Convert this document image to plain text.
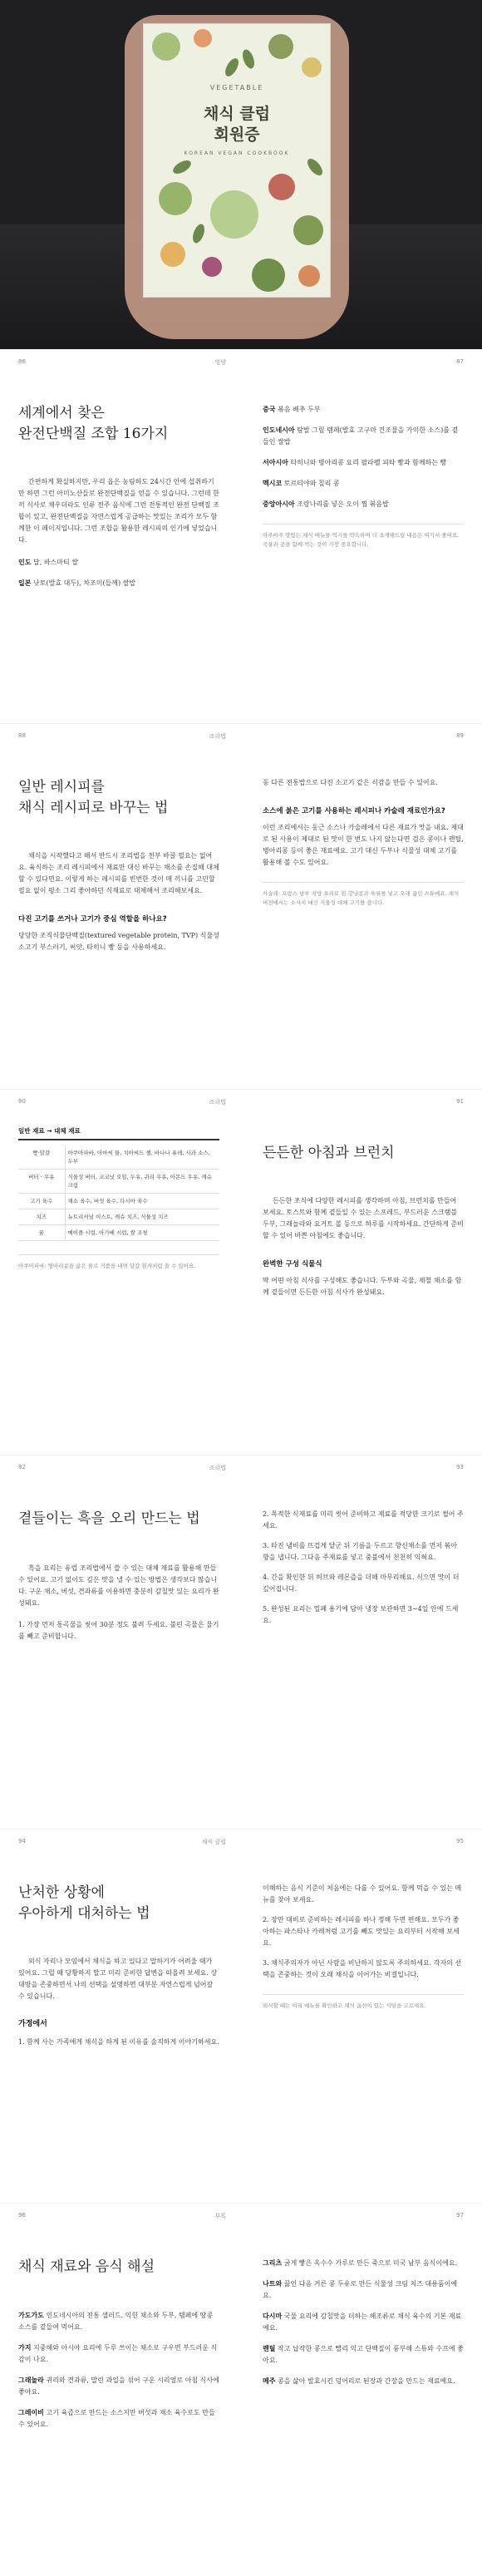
VEGETABLE
채식 클럽
회원증
KOREAN VEGAN COOKBOOK
86	영양	87
세계에서 찾은
완전단백질 조합 16가지

간편하게 확실하지만, 우리 옵은 농림하도 24시간 안에 섭취하기만 하면 그런 아미노산들로 완전단백질을 얻을 수 있습니다. 그런데 한 끼 식사로 채우더라도 인류 전주 음식에 그런 전통적인 완전 단백질 조합이 있고, 완전단백질을 자연스럽게 공급하는 맛있는 조리가 모두 함께한 이 페이지입니다. 그런 조합을 활용한 레시피의 인기에 넣었습니다.

인도 달, 바스마티 쌀

일본 낫토(발효 대두), 차조미(들깨) 쌀밥

중국 볶음 배추 두부

인도네시아 탐발 그릴 템페(발효 고구마 건조물을 가미한 소스)를 곁들인 쌀밥

서아시아 타히니와 병아리콩 요리 팔라펠 피타 빵과 함께하는 빵

멕시코 토르티야와 칠리 콩

중앙아시아 조랑나리를 넣은 오이 찜 볶음밥

아주아주 맛있는 채식 메뉴를 먹기를 약속하며 더 소개해드릴 내용은 여기서 줄여요. 곡물과 콩을 함께 먹는 것이 가장 중요합니다.

88	조리법	89
일반 레시피를
채식 레시피로 바꾸는 법

채식을 시작했다고 해서 반드시 조리법을 전부 바꿀 필요는 없어요. 육식하는 조리 레시피에서 재료만 대신 바꾸는 채소를 손질해 대체할 수 있다면요. 이렇게 하는 레시피를 빈번한 것이 매 끼니를 고민할 필요 없이 평소 그리 좋아하던 식재료로 대체해서 조리해보세요.

다진 고기를 쓰거나 고기가 중심 역할을 하나요?

당당한 조직식물단백질(textured vegetable protein, TVP) 식물성 소고기 부스러기, 씨앗, 타히니 빵 등을 사용하세요.

동 다른 전통밥으로 다진 소고기 같은 식감을 만들 수 있어요.

소스에 붉은 고기를 사용하는 레시피나 카술레 재료인가요?

이런 조리에서는 둥근 소스나 카술레에서 다른 재료가 맛을 내요. 제대로 된 사용이 제대로 된 맛이 한 번도 나지 않는다면 검은 콩이나 렌틸, 병아리콩 등이 좋은 재료예요. 고기 대신 두부나 식물성 대체 고기를 활용해 볼 수도 있어요.

카술레: 프랑스 남부 지방 요리로 흰 강낭콩과 육류를 넣고 오래 끓인 스튜예요. 채식 버전에서는 소시지 대신 식물성 대체 고기를 씁니다.

90	조리법	91
일반 재료 → 대체 재료
빵·달걀	아쿠아파바, 아마씨 물, 치아씨드 젤, 바나나 퓨레, 사과 소스, 두부
버터 · 우유	식물성 버터, 코코넛 오일, 두유, 귀리 우유, 아몬드 우유, 캐슈 크림
고기 육수	채소 육수, 버섯 육수, 다시마 육수
치즈	뉴트리셔널 이스트, 캐슈 치즈, 식물성 치즈
꿀	메이플 시럽, 아가베 시럽, 쌀 조청

아쿠아파바: 병아리콩을 삶은 물로 거품을 내면 달걀 흰자처럼 쓸 수 있어요.

든든한 아침과 브런치

든든한 조식에 다양한 레시피를 생각하며 아침, 브런치를 만들어 보세요. 토스트와 함께 곁들일 수 있는 스프레드, 부드러운 스크램블 두부, 그래놀라와 요거트 볼 등으로 하루를 시작하세요. 간단하게 준비할 수 있어 바쁜 아침에도 좋습니다.

완벽한 구성 식물식

딱 어떤 아침 식사를 구성해도 좋습니다. 두부와 곡물, 제철 채소를 함께 곁들이면 든든한 아침 식사가 완성돼요.

92	조리법	93
곁들이는 흑을 오리 만드는 법

흑을 요리는 유럽 조리법에서 쓸 수 있는 대체 재료를 활용해 만들 수 있어요. 고기 없이도 깊은 맛을 낼 수 있는 방법은 생각보다 많습니다. 구운 채소, 버섯, 견과류를 이용하면 충분히 감칠맛 있는 요리가 완성돼요.

1. 가장 먼저 통곡물을 씻어 30분 정도 불려 두세요. 불린 곡물은 물기를 빼고 준비합니다.

2. 목적한 식재료를 미리 씻어 준비하고 재료를 적당한 크기로 썰어 주세요.

3. 타진 냄비를 뜨겁게 달군 뒤 기름을 두르고 향신채소를 먼저 볶아 향을 냅니다. 그다음 주재료를 넣고 중불에서 천천히 익혀요.

4. 간을 확인한 뒤 허브와 레몬즙을 더해 마무리해요. 식으면 맛이 더 깊어집니다.

5. 완성된 요리는 밀폐 용기에 담아 냉장 보관하면 3~4일 안에 드세요.

94	채식 클럽	95
난처한 상황에
우아하게 대처하는 법

외식 자리나 모임에서 채식을 하고 있다고 말하기가 어려울 때가 있어요. 그럴 때 당황하지 말고 미리 준비한 답변을 떠올려 보세요. 상대방을 존중하면서 나의 선택을 설명하면 대부분 자연스럽게 넘어갈 수 있습니다.

가정에서

1. 함께 사는 가족에게 채식을 하게 된 이유를 솔직하게 이야기하세요.

이해하는 음식 기준이 처음에는 다를 수 있어요. 함께 먹을 수 있는 메뉴를 찾아 보세요.

2. 장만 대비로 준비하는 레시피를 하나 정해 두면 편해요. 모두가 좋아하는 파스타나 카레처럼 고기를 빼도 맛있는 요리부터 시작해 보세요.

3. 채식주의자가 아닌 사람을 비난하지 않도록 주의하세요. 각자의 선택을 존중하는 것이 오래 채식을 이어가는 비결입니다.

외식할 때는 미리 메뉴를 확인하고 채식 옵션이 있는 식당을 고르세요.

96	부록	97
채식 재료와 음식 해설

가도가도 인도네시아의 전통 샐러드. 익힌 채소와 두부, 템페에 땅콩 소스를 곁들여 먹어요.

가지 지중해와 아시아 요리에 두루 쓰이는 채소로 구우면 부드러운 식감이 나요.

그래놀라 귀리와 견과류, 말린 과일을 섞어 구운 시리얼로 아침 식사에 좋아요.

그레이비 고기 육즙으로 만드는 소스지만 버섯과 채소 육수로도 만들 수 있어요.

그리츠 굵게 빻은 옥수수 가루로 만든 죽으로 미국 남부 음식이에요.

나트와 끓인 다음 거른 콩 두유로 만든 식물성 크림 치즈 대용품이에요.

다시마 국물 요리에 감칠맛을 더하는 해조류로 채식 육수의 기본 재료예요.

렌틸 작고 납작한 콩으로 빨리 익고 단백질이 풍부해 스튜와 수프에 좋아요.

메주 콩을 삶아 발효시킨 덩어리로 된장과 간장을 만드는 재료예요.
